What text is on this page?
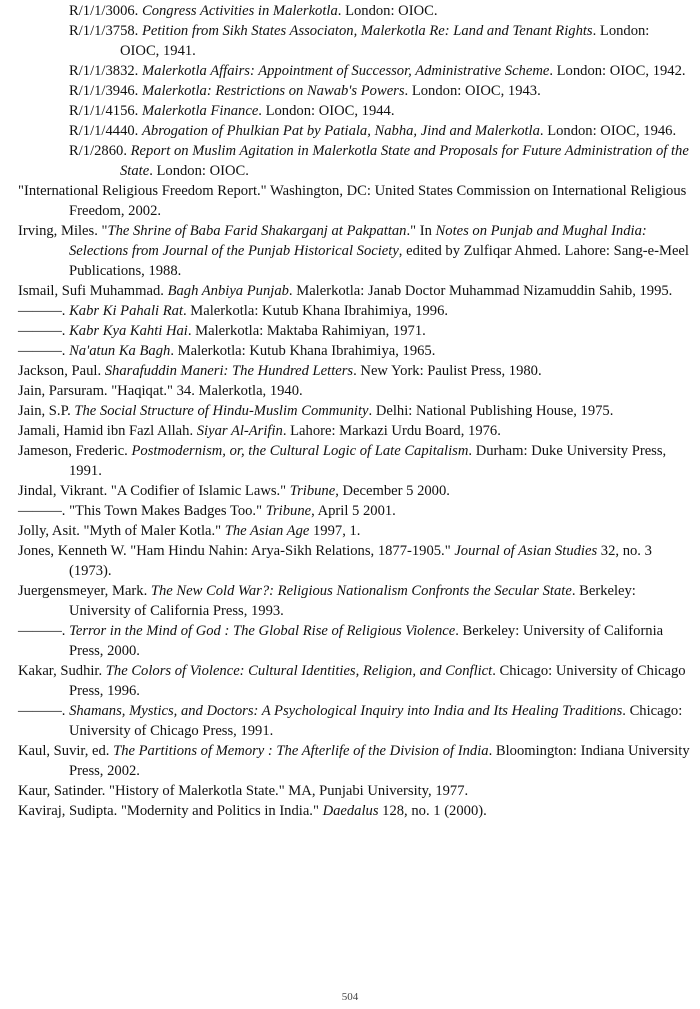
R/1/1/3006. Congress Activities in Malerkotla. London: OIOC.

R/1/1/3758. Petition from Sikh States Associaton, Malerkotla Re: Land and Tenant Rights. London: OIOC, 1941.

R/1/1/3832. Malerkotla Affairs: Appointment of Successor, Administrative Scheme. London: OIOC, 1942.

R/1/1/3946. Malerkotla: Restrictions on Nawab's Powers. London: OIOC, 1943.

R/1/1/4156. Malerkotla Finance. London: OIOC, 1944.

R/1/1/4440. Abrogation of Phulkian Pat by Patiala, Nabha, Jind and Malerkotla. London: OIOC, 1946.

R/1/2860. Report on Muslim Agitation in Malerkotla State and Proposals for Future Administration of the State. London: OIOC.

"International Religious Freedom Report." Washington, DC: United States Commission on International Religious Freedom, 2002.

Irving, Miles. "The Shrine of Baba Farid Shakarganj at Pakpattan." In Notes on Punjab and Mughal India: Selections from Journal of the Punjab Historical Society, edited by Zulfiqar Ahmed. Lahore: Sang-e-Meel Publications, 1988.

Ismail, Sufi Muhammad. Bagh Anbiya Punjab. Malerkotla: Janab Doctor Muhammad Nizamuddin Sahib, 1995.

———. Kabr Ki Pahali Rat. Malerkotla: Kutub Khana Ibrahimiya, 1996.

———. Kabr Kya Kahti Hai. Malerkotla: Maktaba Rahimiyan, 1971.

———. Na'atun Ka Bagh. Malerkotla: Kutub Khana Ibrahimiya, 1965.

Jackson, Paul. Sharafuddin Maneri: The Hundred Letters. New York: Paulist Press, 1980.

Jain, Parsuram. "Haqiqat." 34. Malerkotla, 1940.

Jain, S.P. The Social Structure of Hindu-Muslim Community. Delhi: National Publishing House, 1975.

Jamali, Hamid ibn Fazl Allah. Siyar Al-Arifin. Lahore: Markazi Urdu Board, 1976.

Jameson, Frederic. Postmodernism, or, the Cultural Logic of Late Capitalism. Durham: Duke University Press, 1991.

Jindal, Vikrant. "A Codifier of Islamic Laws." Tribune, December 5 2000.

———. "This Town Makes Badges Too." Tribune, April 5 2001.

Jolly, Asit. "Myth of Maler Kotla." The Asian Age 1997, 1.

Jones, Kenneth W. "Ham Hindu Nahin: Arya-Sikh Relations, 1877-1905." Journal of Asian Studies 32, no. 3 (1973).

Juergensmeyer, Mark. The New Cold War?: Religious Nationalism Confronts the Secular State. Berkeley: University of California Press, 1993.

———. Terror in the Mind of God : The Global Rise of Religious Violence. Berkeley: University of California Press, 2000.

Kakar, Sudhir. The Colors of Violence: Cultural Identities, Religion, and Conflict. Chicago: University of Chicago Press, 1996.

———. Shamans, Mystics, and Doctors: A Psychological Inquiry into India and Its Healing Traditions. Chicago: University of Chicago Press, 1991.

Kaul, Suvir, ed. The Partitions of Memory : The Afterlife of the Division of India. Bloomington: Indiana University Press, 2002.

Kaur, Satinder. "History of Malerkotla State." MA, Punjabi University, 1977.

Kaviraj, Sudipta. "Modernity and Politics in India." Daedalus 128, no. 1 (2000).

504
